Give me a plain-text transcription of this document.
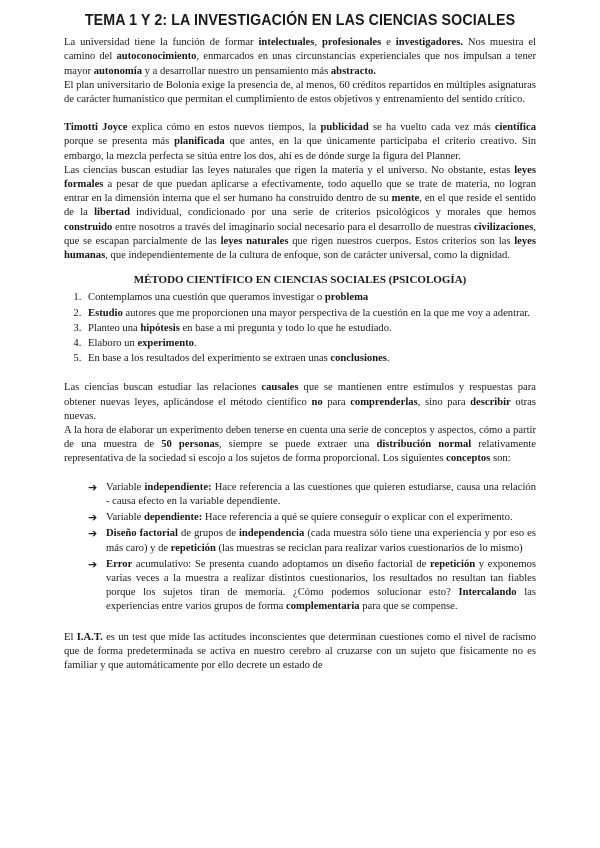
TEMA 1 Y 2: LA INVESTIGACIÓN EN LAS CIENCIAS SOCIALES

La universidad tiene la función de formar intelectuales, profesionales e investigadores. Nos muestra el camino del autoconocimiento, enmarcados en unas circunstancias experienciales que nos impulsan a tener mayor autonomía y a desarrollar nuestro un pensamiento más abstracto.

El plan universitario de Bolonia exige la presencia de, al menos, 60 créditos repartidos en múltiples asignaturas de carácter humanístico que permitan el cumplimiento de estos objetivos y entrenamiento del sentido crítico.

Timotti Joyce explica cómo en estos nuevos tiempos, la publicidad se ha vuelto cada vez más científica porque se presenta más planificada que antes, en la que únicamente participaba el criterio creativo. Sin embargo, la mezcla perfecta se sitúa entre los dos, ahí es de dónde surge la figura del Planner.

Las ciencias buscan estudiar las leyes naturales que rigen la materia y el universo. No obstante, estas leyes formales a pesar de que puedan aplicarse a efectivamente, todo aquello que se trate de materia, no logran entrar en la dimensión interna que el ser humano ha construido dentro de su mente, en el que reside el sentido de la libertad individual, condicionado por una serie de criterios psicológicos y morales que hemos construido entre nosotros a través del imaginario social necesario para el desarrollo de nuestras civilizaciones, que se escapan parcialmente de las leyes naturales que rigen nuestros cuerpos. Estos criterios son las leyes humanas, que independientemente de la cultura de enfoque, son de carácter universal, como la dignidad.

MÉTODO CIENTÍFICO EN CIENCIAS SOCIALES (PSICOLOGÍA)
1. Contemplamos una cuestión que queramos investigar o problema
2. Estudio autores que me proporcionen una mayor perspectiva de la cuestión en la que me voy a adentrar.
3. Planteo una hipótesis en base a mi pregunta y todo lo que he estudiado.
4. Elaboro un experimento.
5. En base a los resultados del experimento se extraen unas conclusiones.

Las ciencias buscan estudiar las relaciones causales que se mantienen entre estímulos y respuestas para obtener nuevas leyes, aplicándose el método científico no para comprenderlas, sino para describir otras nuevas.

A la hora de elaborar un experimento deben tenerse en cuenta una serie de conceptos y aspectos, cómo a partir de una muestra de 50 personas, siempre se puede extraer una distribución normal relativamente representativa de la sociedad si escojo a los sujetos de forma proporcional. Los siguientes conceptos son:

➔ Variable independiente: Hace referencia a las cuestiones que quieren estudiarse, causa una relación - causa efecto en la variable dependiente.
➔ Variable dependiente: Hace referencia a qué se quiere conseguir o explicar con el experimento.
➔ Diseño factorial de grupos de independencia (cada muestra sólo tiene una experiencia y por eso es más caro) y de repetición (las muestras se reciclan para realizar varios cuestionarios de lo mismo)
➔ Error acumulativo: Se presenta cuando adoptamos un diseño factorial de repetición y exponemos varias veces a la muestra a realizar distintos cuestionarios, los resultados no resultan tan fiables porque los sujetos tiran de memoria. ¿Cómo podemos solucionar esto? Intercalando las experiencias entre varios grupos de forma complementaria para que se compense.

El I.A.T. es un test que mide las actitudes inconscientes que determinan cuestiones como el nivel de racismo que de forma predeterminada se activa en nuestro cerebro al cruzarse con un sujeto que físicamente no es familiar y que automáticamente por ello decrete un estado de
